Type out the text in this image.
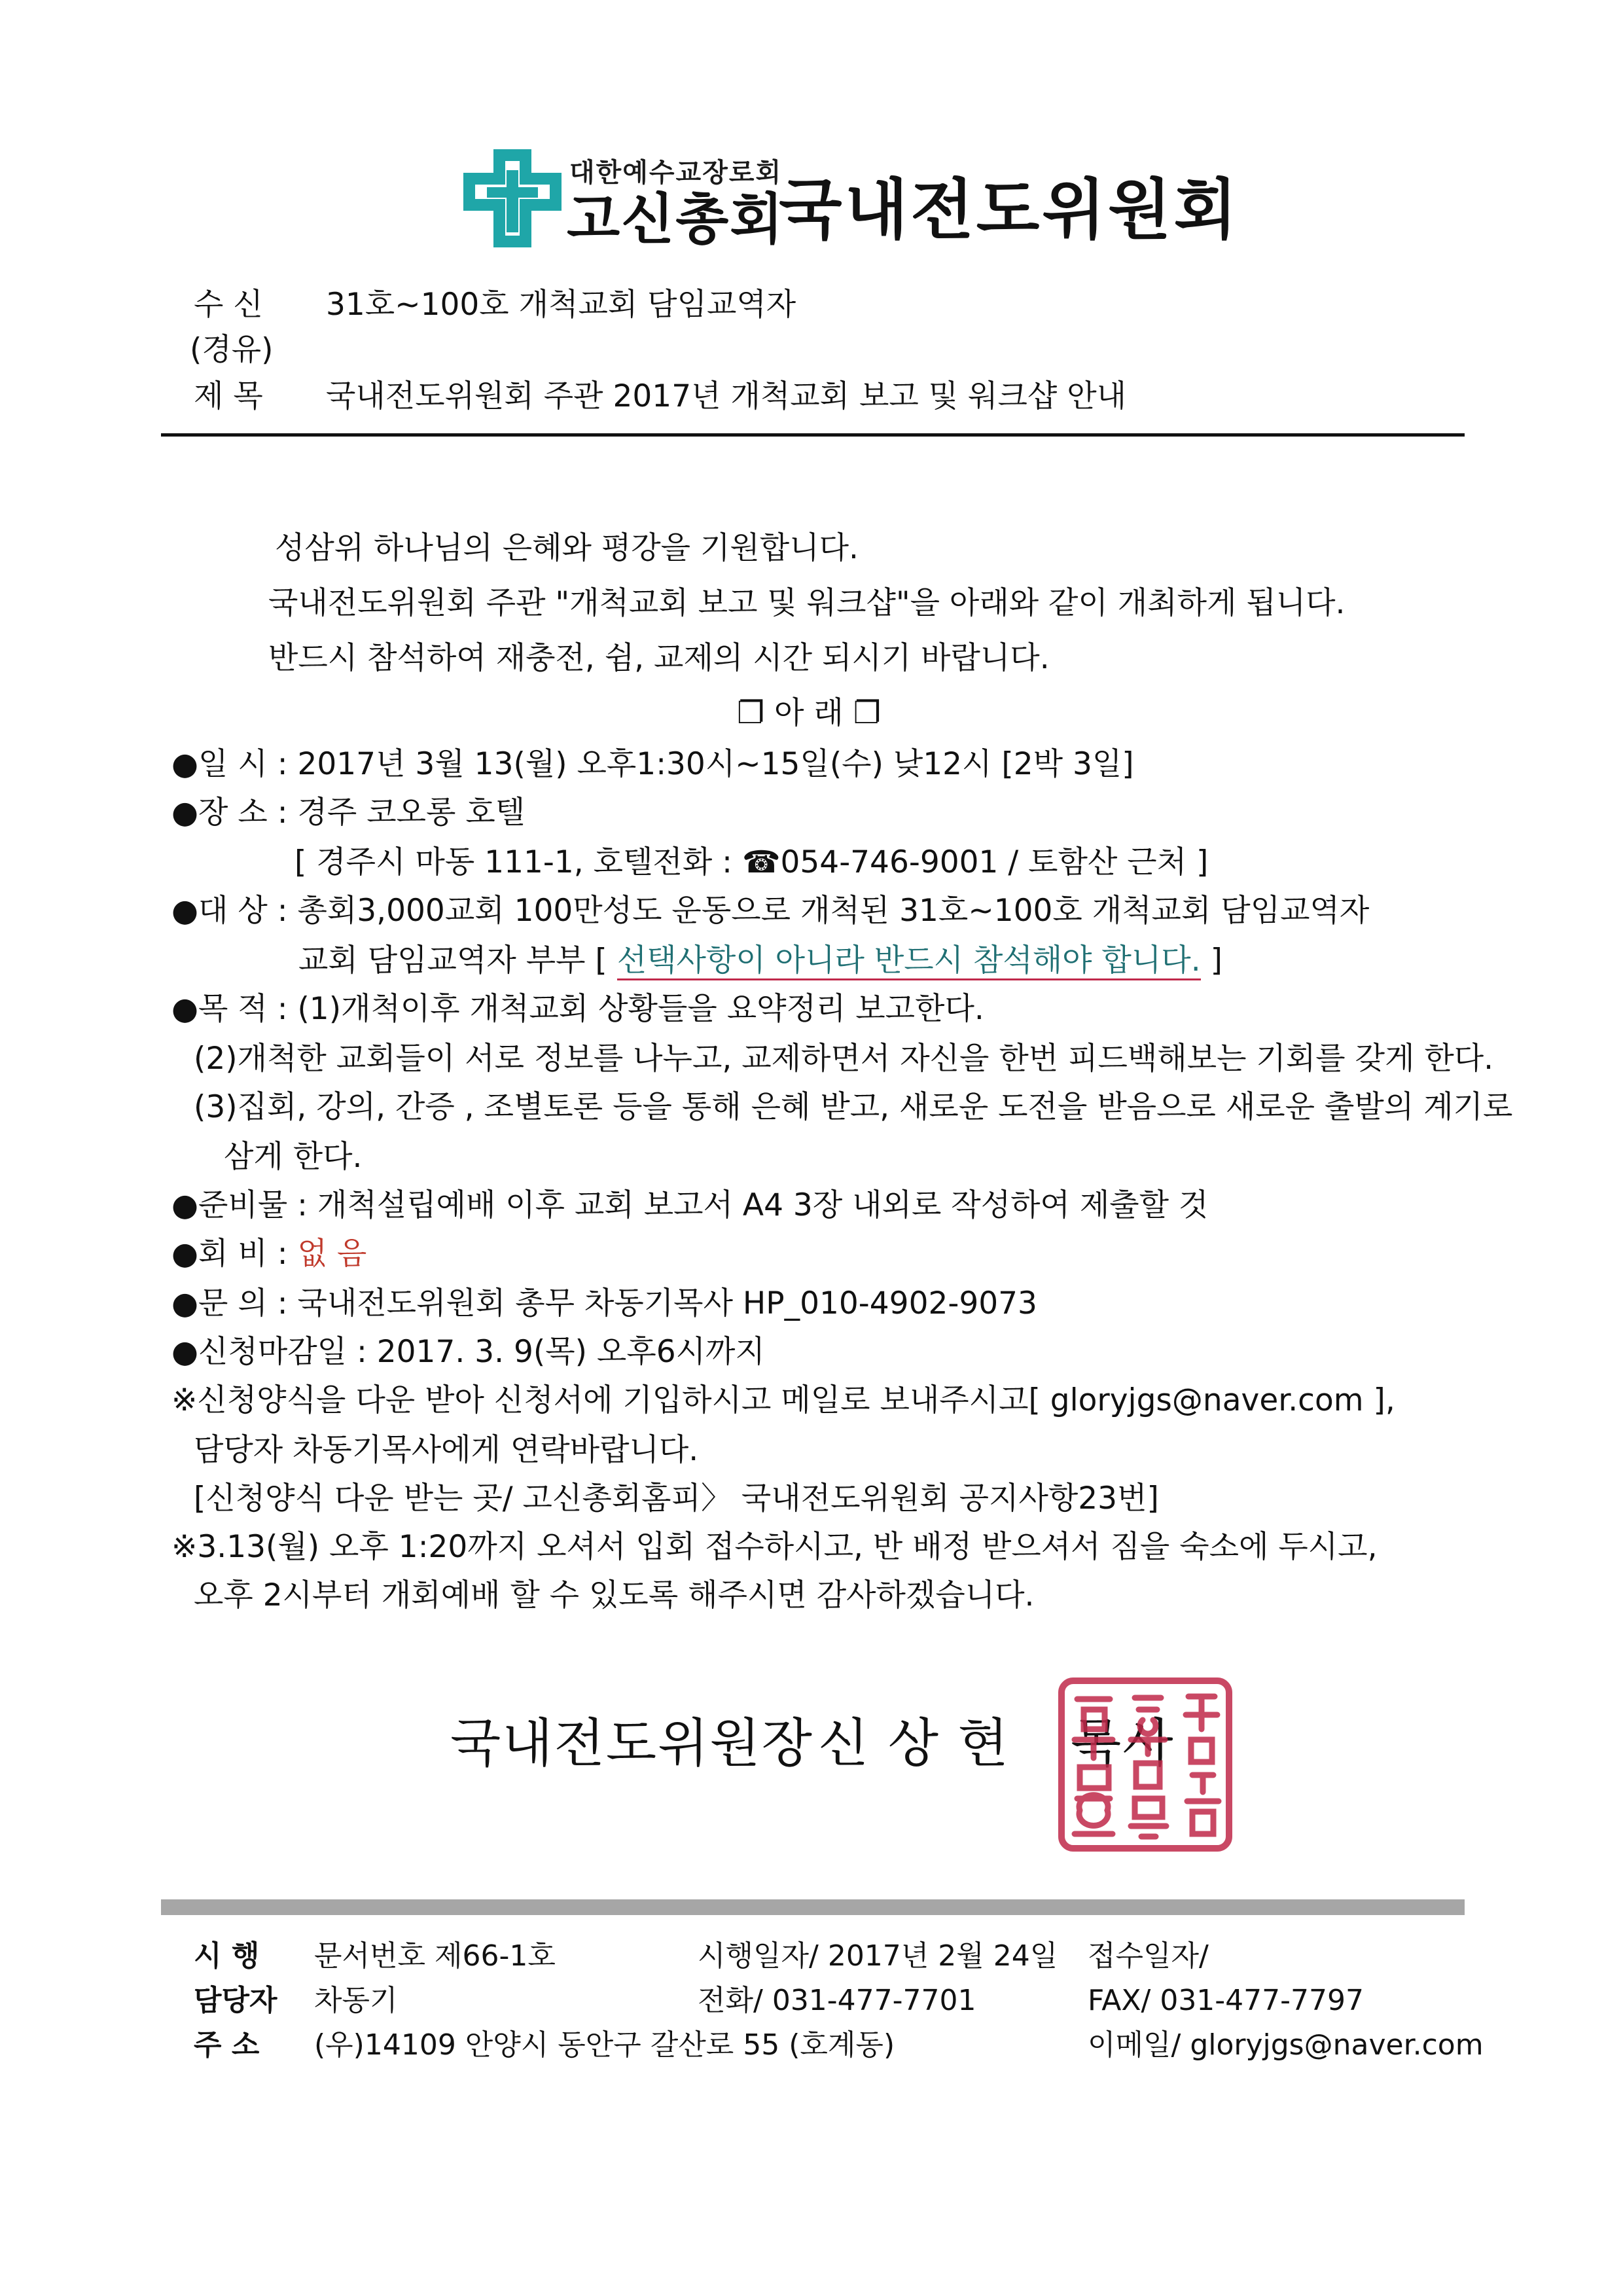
대한예수교장로회
고신총회
국내전도위원회
수 신 31호~100호 개척교회 담임교역자
(경유)
제 목 국내전도위원회 주관 2017년 개척교회 보고 및 워크샵 안내
성삼위 하나님의 은혜와 평강을 기원합니다.
국내전도위원회 주관 "개척교회 보고 및 워크샵"을 아래와 같이 개최하게 됩니다.
반드시 참석하여 재충전, 쉼, 교제의 시간 되시기 바랍니다.
❐ 아 래 ❐
●일 시 : 2017년 3월 13(월) 오후1:30시~15일(수) 낮12시 [2박 3일]
●장 소 : 경주 코오롱 호텔
[ 경주시 마동 111-1, 호텔전화 : ☎054-746-9001 / 토함산 근처 ]
●대 상 : 총회3,000교회 100만성도 운동으로 개척된 31호~100호 개척교회 담임교역자
교회 담임교역자 부부 [ 선택사항이 아니라 반드시 참석해야 합니다. ]
●목 적 : (1)개척이후 개척교회 상황들을 요약정리 보고한다.
(2)개척한 교회들이 서로 정보를 나누고, 교제하면서 자신을 한번 피드백해보는 기회를 갖게 한다.
(3)집회, 강의, 간증 , 조별토론 등을 통해 은혜 받고, 새로운 도전을 받음으로 새로운 출발의 계기로
삼게 한다.
●준비물 : 개척설립예배 이후 교회 보고서 A4 3장 내외로 작성하여 제출할 것
●회 비 : 없 음
●문 의 : 국내전도위원회 총무 차동기목사 HP_010-4902-9073
●신청마감일 : 2017. 3. 9(목) 오후6시까지
※신청양식을 다운 받아 신청서에 기입하시고 메일로 보내주시고[ gloryjgs@naver.com ],
담당자 차동기목사에게 연락바랍니다.
[신청양식 다운 받는 곳/ 고신총회홈피〉 국내전도위원회 공지사항23번]
※3.13(월) 오후 1:20까지 오셔서 입회 접수하시고, 반 배정 받으셔서 짐을 숙소에 두시고,
오후 2시부터 개회예배 할 수 있도록 해주시면 감사하겠습니다.
국내전도위원장 신 상 현 목사
시 행 문서번호 제66-1호	시행일자/ 2017년 2월 24일 접수일자/
담당자 차동기	전화/ 031-477-7701	FAX/ 031-477-7797
주 소 (우)14109 안양시 동안구 갈산로 55 (호계동)	이메일/ gloryjgs@naver.com
